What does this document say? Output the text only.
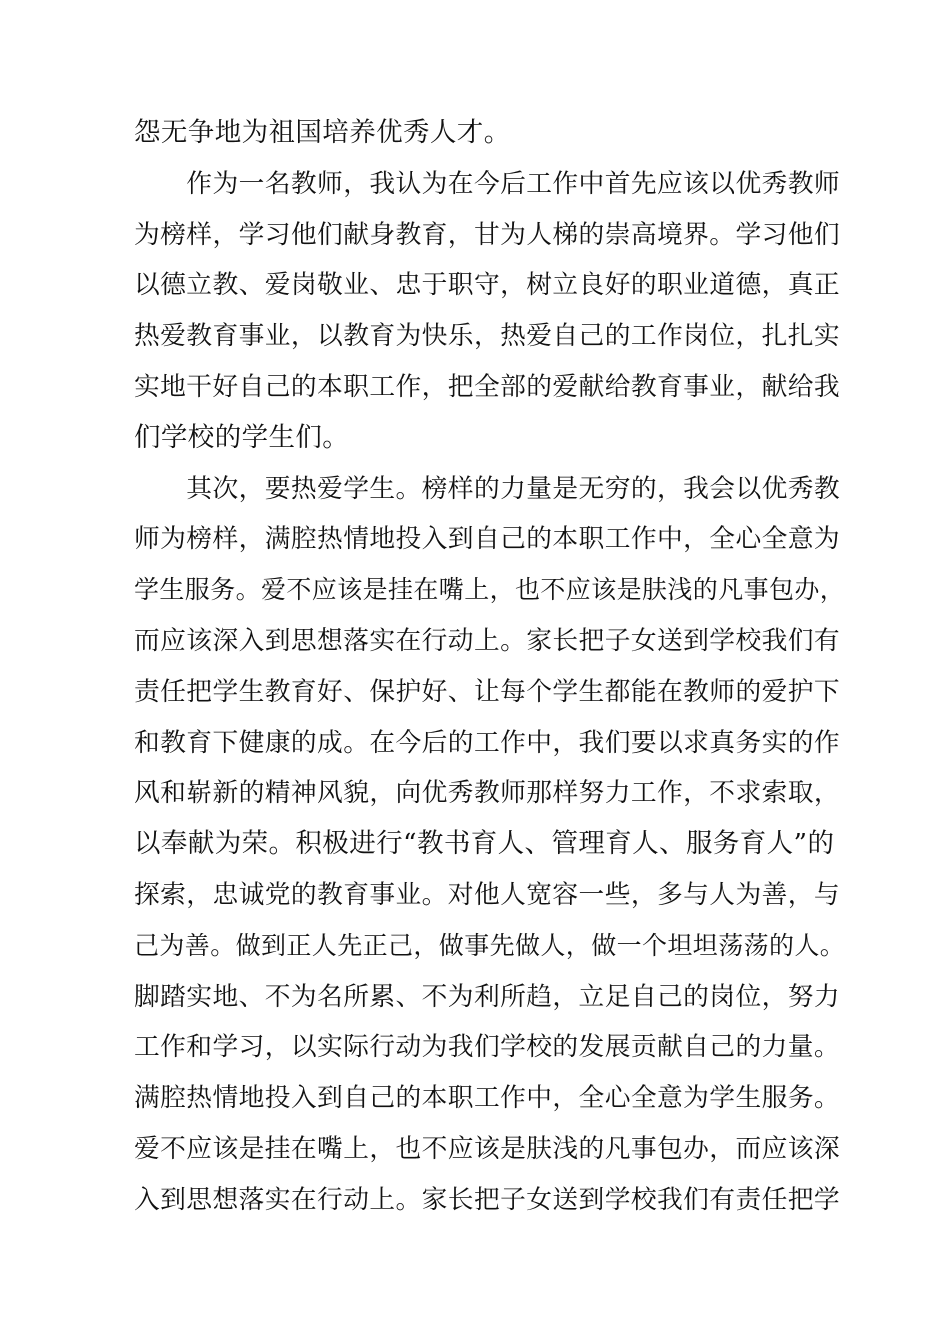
怨无争地为祖国培养优秀人才。
　　作为一名教师，我认为在今后工作中首先应该以优秀教师
为榜样，学习他们献身教育，甘为人梯的崇高境界。学习他们
以德立教、爱岗敬业、忠于职守，树立良好的职业道德，真正
热爱教育事业，以教育为快乐，热爱自己的工作岗位，扎扎实
实地干好自己的本职工作，把全部的爱献给教育事业，献给我
们学校的学生们。
　　其次，要热爱学生。榜样的力量是无穷的，我会以优秀教
师为榜样，满腔热情地投入到自己的本职工作中，全心全意为
学生服务。爱不应该是挂在嘴上，也不应该是肤浅的凡事包办，
而应该深入到思想落实在行动上。家长把子女送到学校我们有
责任把学生教育好、保护好、让每个学生都能在教师的爱护下
和教育下健康的成。在今后的工作中，我们要以求真务实的作
风和崭新的精神风貌，向优秀教师那样努力工作，不求索取，
以奉献为荣。积极进行“教书育人、管理育人、服务育人”的
探索，忠诚党的教育事业。对他人宽容一些，多与人为善，与
己为善。做到正人先正己，做事先做人，做一个坦坦荡荡的人。
脚踏实地、不为名所累、不为利所趋，立足自己的岗位，努力
工作和学习，以实际行动为我们学校的发展贡献自己的力量。
满腔热情地投入到自己的本职工作中，全心全意为学生服务。
爱不应该是挂在嘴上，也不应该是肤浅的凡事包办，而应该深
入到思想落实在行动上。家长把子女送到学校我们有责任把学
